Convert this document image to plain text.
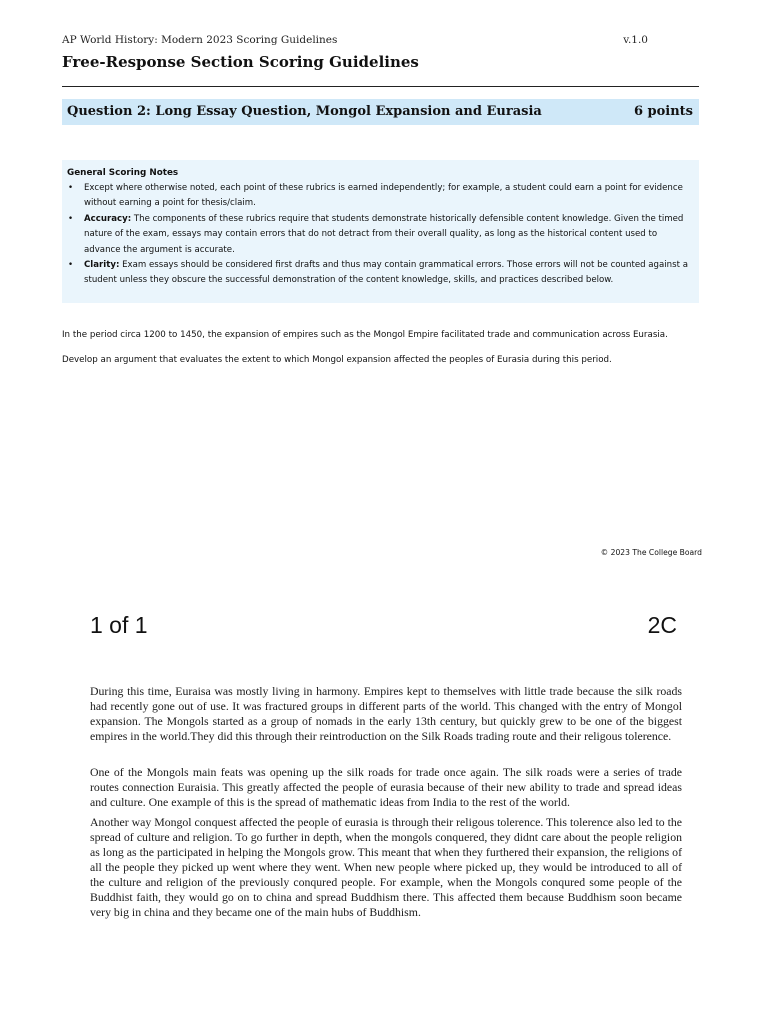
AP World History: Modern 2023 Scoring Guidelines	v.1.0
Free-Response Section Scoring Guidelines
Question 2: Long Essay Question, Mongol Expansion and Eurasia	6 points
General Scoring Notes
• Except where otherwise noted, each point of these rubrics is earned independently; for example, a student could earn a point for evidence without earning a point for thesis/claim.
• Accuracy: The components of these rubrics require that students demonstrate historically defensible content knowledge. Given the timed nature of the exam, essays may contain errors that do not detract from their overall quality, as long as the historical content used to advance the argument is accurate.
• Clarity: Exam essays should be considered first drafts and thus may contain grammatical errors. Those errors will not be counted against a student unless they obscure the successful demonstration of the content knowledge, skills, and practices described below.
In the period circa 1200 to 1450, the expansion of empires such as the Mongol Empire facilitated trade and communication across Eurasia.
Develop an argument that evaluates the extent to which Mongol expansion affected the peoples of Eurasia during this period.
© 2023 The College Board
1 of 1	2C

During this time, Euraisa was mostly living in harmony. Empires kept to themselves with little trade because the silk roads had recently gone out of use. It was fractured groups in different parts of the world. This changed with the entry of Mongol expansion. The Mongols started as a group of nomads in the early 13th century, but quickly grew to be one of the biggest empires in the world.They did this through their reintroduction on the Silk Roads trading route and their religous tolerence.

One of the Mongols main feats was opening up the silk roads for trade once again. The silk roads were a series of trade routes connection Euraisia. This greatly affected the people of eurasia because of their new ability to trade and spread ideas and culture. One example of this is the spread of mathematic ideas from India to the rest of the world.

Another way Mongol conquest affected the people of eurasia is through their religous tolerence. This tolerence also led to the spread of culture and religion. To go further in depth, when the mongols conquered, they didnt care about the people religion as long as the participated in helping the Mongols grow. This meant that when they furthered their expansion, the religions of all the people they picked up went where they went. When new people where picked up, they would be introduced to all of the culture and religion of the previously conqured people. For example, when the Mongols conqured some people of the Buddhist faith, they would go on to china and spread Buddhism there. This affected them because Buddhism soon became very big in china and they became one of the main hubs of Buddhism.
